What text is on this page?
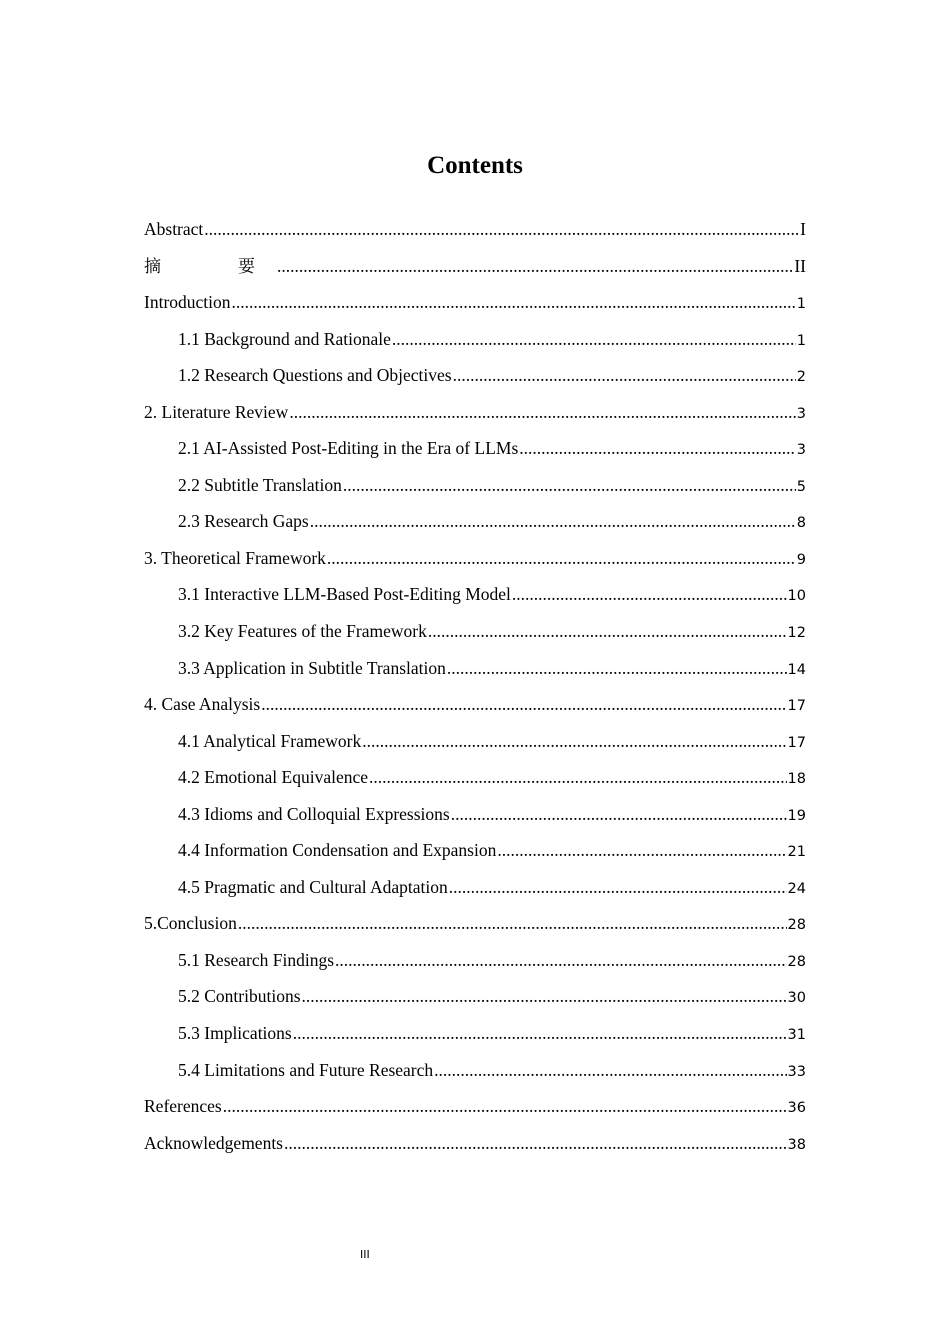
Contents
Abstract .....	I
摘　要 .....	II
Introduction .....	1
1.1 Background and Rationale .....	1
1.2 Research Questions and Objectives .....	2
2. Literature Review .....	3
2.1 AI-Assisted Post-Editing in the Era of LLMs .....	3
2.2 Subtitle Translation .....	5
2.3 Research Gaps .....	8
3. Theoretical Framework .....	9
3.1 Interactive LLM-Based Post-Editing Model .....	10
3.2 Key Features of the Framework .....	12
3.3 Application in Subtitle Translation .....	14
4. Case Analysis .....	17
4.1 Analytical Framework .....	17
4.2 Emotional Equivalence .....	18
4.3 Idioms and Colloquial Expressions .....	19
4.4 Information Condensation and Expansion .....	21
4.5 Pragmatic and Cultural Adaptation .....	24
5.Conclusion .....	28
5.1 Research Findings .....	28
5.2 Contributions .....	30
5.3 Implications .....	31
5.4 Limitations and Future Research .....	33
References .....	36
Acknowledgements .....	38
III
